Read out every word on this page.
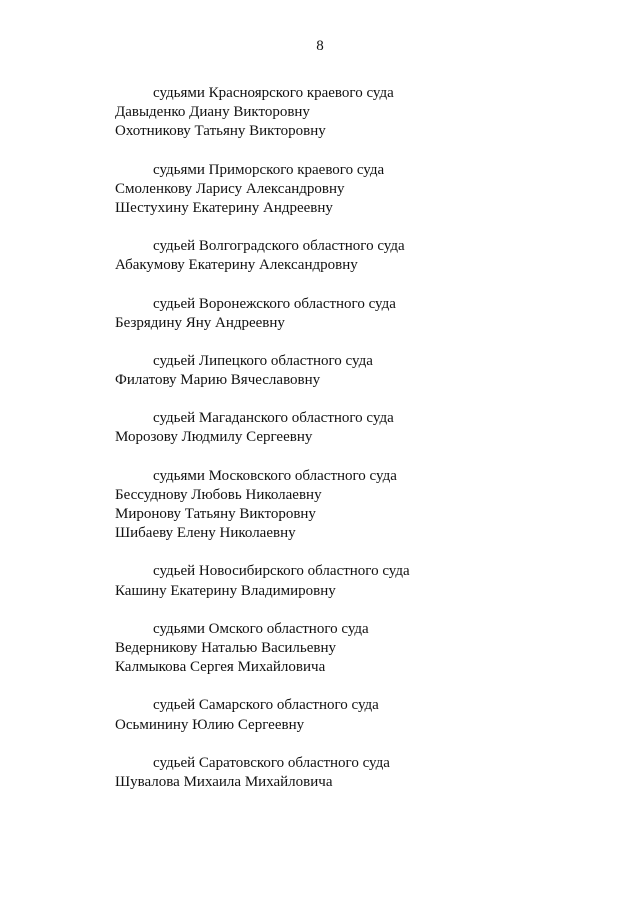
8
судьями Красноярского краевого суда
Давыденко Диану Викторовну
Охотникову Татьяну Викторовну
судьями Приморского краевого суда
Смоленкову Ларису Александровну
Шестухину Екатерину Андреевну
судьей Волгоградского областного суда
Абакумову Екатерину Александровну
судьей Воронежского областного суда
Безрядину Яну Андреевну
судьей Липецкого областного суда
Филатову Марию Вячеславовну
судьей Магаданского областного суда
Морозову Людмилу Сергеевну
судьями Московского областного суда
Бессуднову Любовь Николаевну
Миронову Татьяну Викторовну
Шибаеву Елену Николаевну
судьей Новосибирского областного суда
Кашину Екатерину Владимировну
судьями Омского областного суда
Ведерникову Наталью Васильевну
Калмыкова Сергея Михайловича
судьей Самарского областного суда
Осьминину Юлию Сергеевну
судьей Саратовского областного суда
Шувалова Михаила Михайловича
